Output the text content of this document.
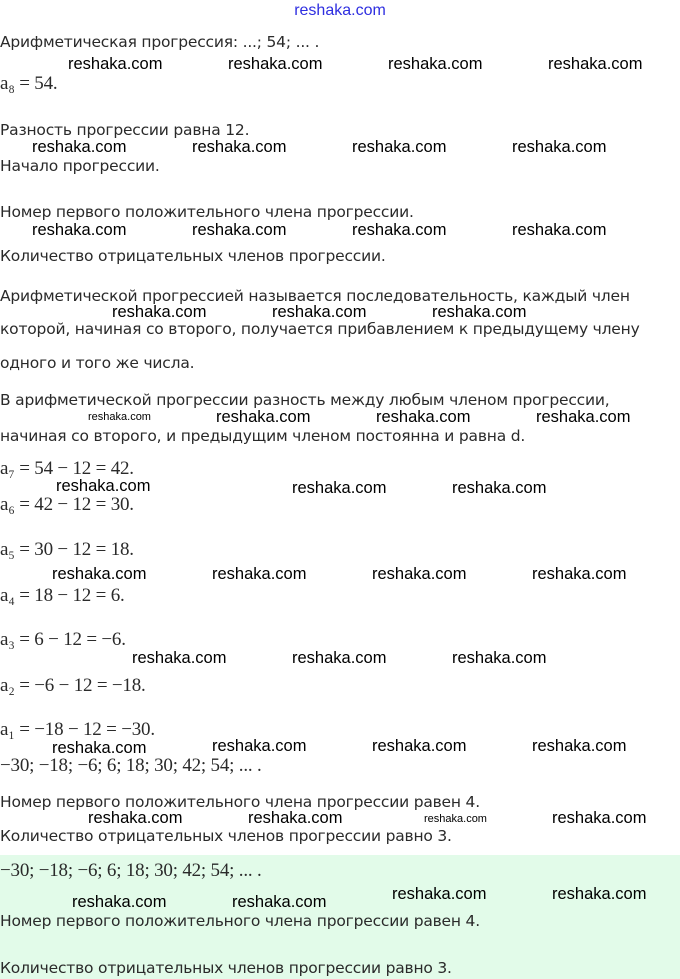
reshaka.com
Арифметическая прогрессия: ...; 54; ... .
a₈ = 54.
Разность прогрессии равна 12.
Начало прогрессии.
Номер первого положительного члена прогрессии.
Количество отрицательных членов прогрессии.
Арифметической прогрессией называется последовательность, каждый член
которой, начиная со второго, получается прибавлением к предыдущему члену
одного и того же числа.
В арифметической прогрессии разность между любым членом прогрессии,
начиная со второго, и предыдущим членом постоянна и равна d.
a₇ = 54 − 12 = 42.
a₆ = 42 − 12 = 30.
a₅ = 30 − 12 = 18.
a₄ = 18 − 12 = 6.
a₃ = 6 − 12 = −6.
a₂ = −6 − 12 = −18.
a₁ = −18 − 12 = −30.
−30; −18; −6; 6; 18; 30; 42; 54; ... .
Номер первого положительного члена прогрессии равен 4.
Количество отрицательных членов прогрессии равно 3.
−30; −18; −6; 6; 18; 30; 42; 54; ... .
Номер первого положительного члена прогрессии равен 4.
Количество отрицательных членов прогрессии равно 3.
reshaka.com	reshaka.com	reshaka.com	reshaka.com
reshaka.com	reshaka.com	reshaka.com	reshaka.com
reshaka.com	reshaka.com	reshaka.com	reshaka.com
reshaka.com	reshaka.com	reshaka.com
reshaka.com	reshaka.com	reshaka.com	reshaka.com
reshaka.com	reshaka.com	reshaka.com
reshaka.com	reshaka.com	reshaka.com	reshaka.com
reshaka.com	reshaka.com	reshaka.com
reshaka.com	reshaka.com	reshaka.com
reshaka.com
reshaka.com	reshaka.com	reshaka.com	reshaka.com
reshaka.com	reshaka.com
reshaka.com	reshaka.com
